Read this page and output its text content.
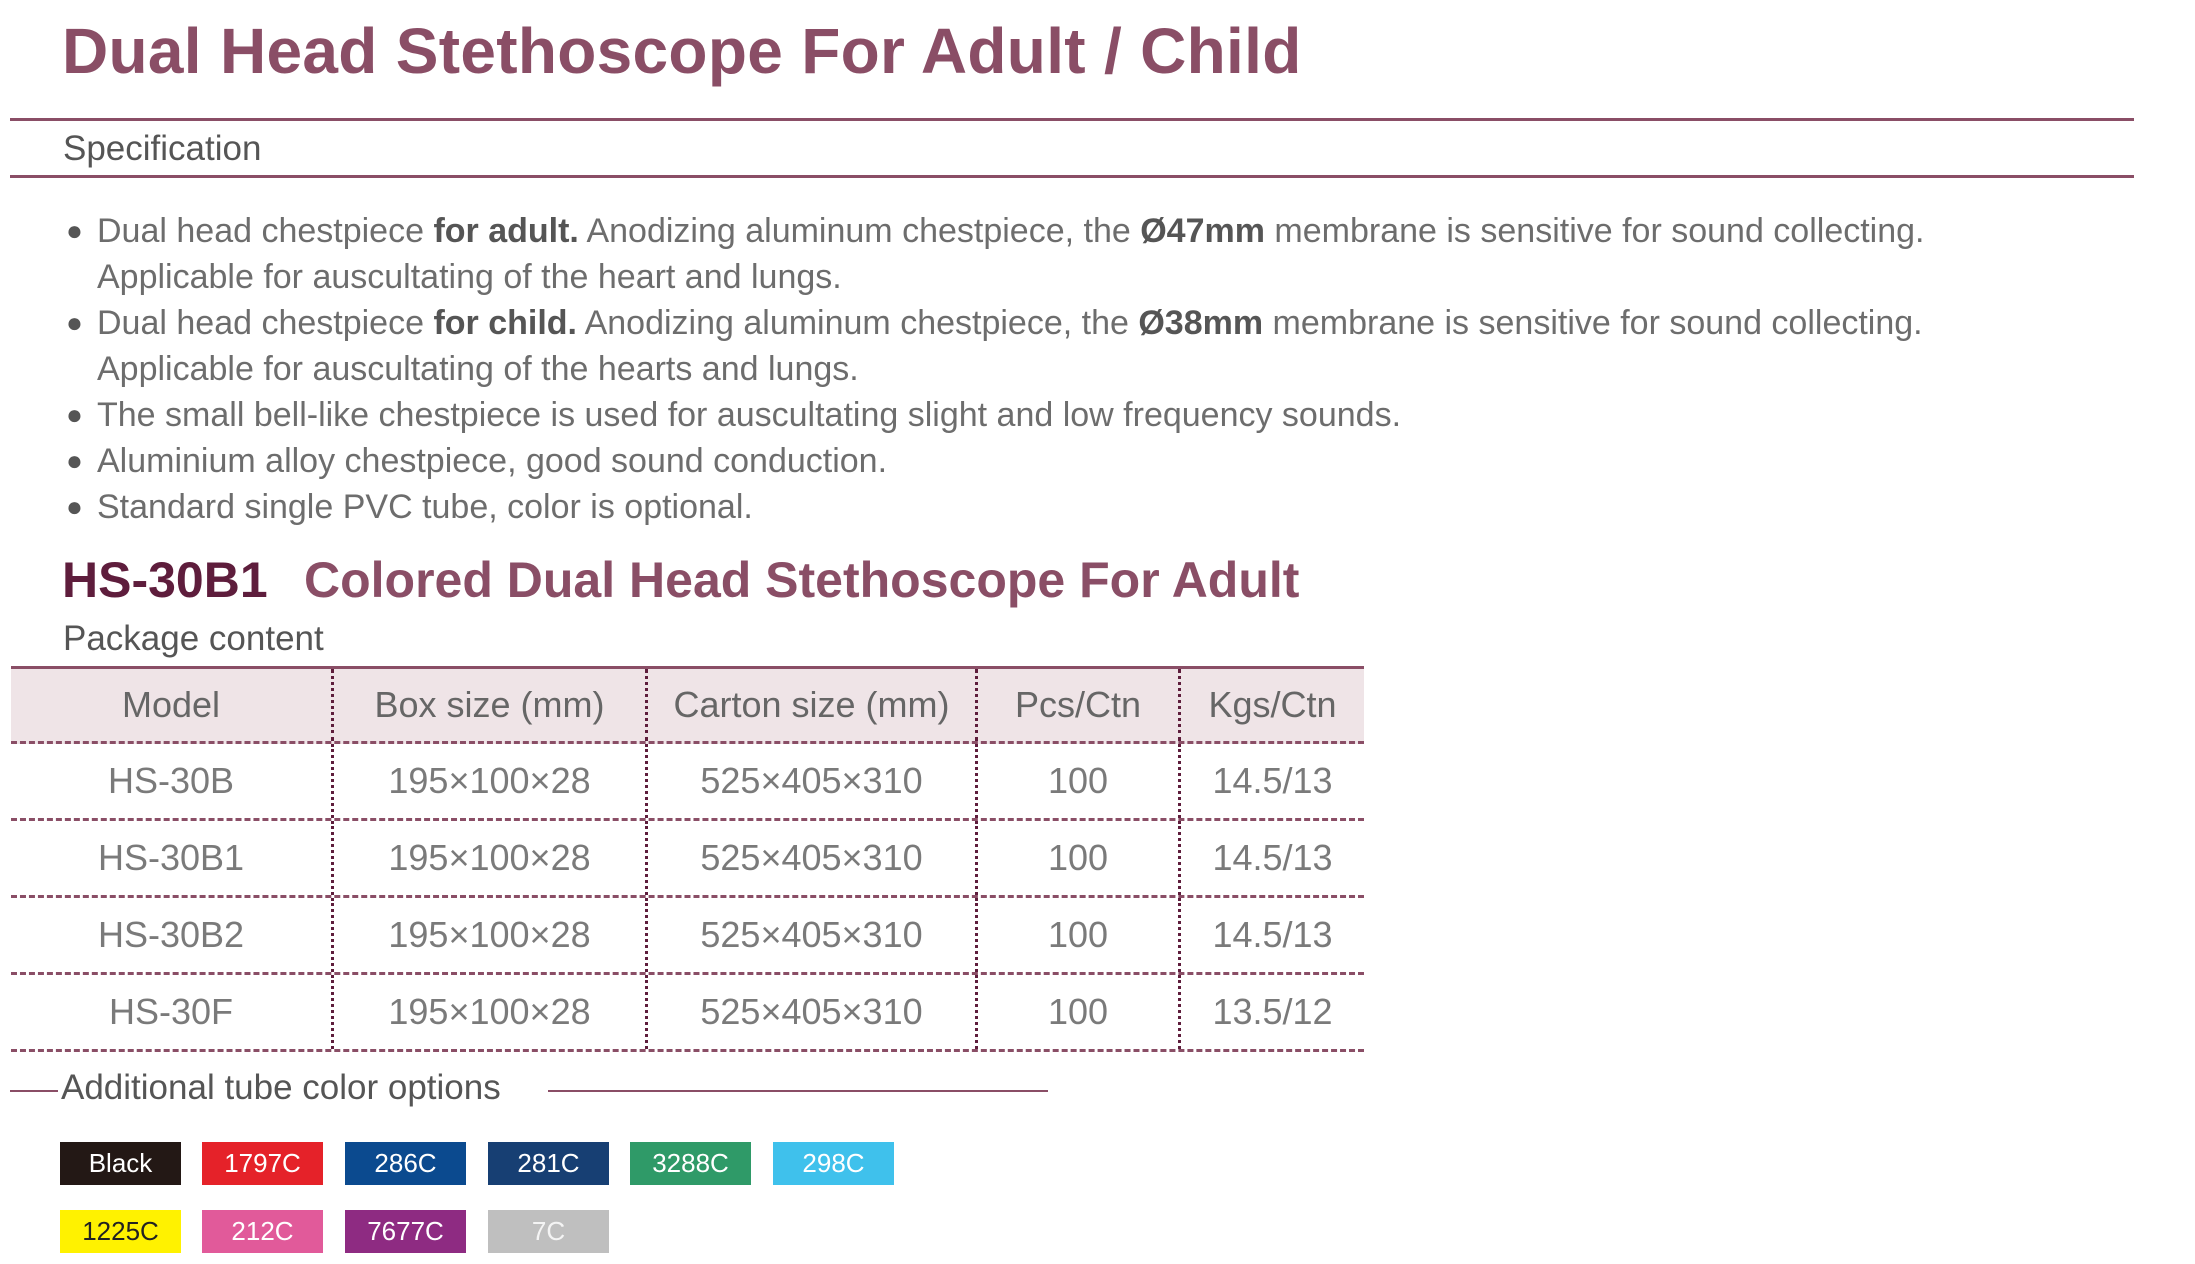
Dual Head Stethoscope For Adult / Child
Specification
● Dual head chestpiece for adult. Anodizing aluminum chestpiece, the Ø47mm membrane is sensitive for sound collecting.
Applicable for auscultating of the heart and lungs.
● Dual head chestpiece for child. Anodizing aluminum chestpiece, the Ø38mm membrane is sensitive for sound collecting.
Applicable for auscultating of the hearts and lungs.
● The small bell-like chestpiece is used for auscultating slight and low frequency sounds.
● Aluminium alloy chestpiece, good sound conduction.
● Standard single PVC tube, color is optional.
HS-30B1 Colored Dual Head Stethoscope For Adult
Package content
Model	Box size (mm)	Carton size (mm)	Pcs/Ctn	Kgs/Ctn
HS-30B	195×100×28	525×405×310	100	14.5/13
HS-30B1	195×100×28	525×405×310	100	14.5/13
HS-30B2	195×100×28	525×405×310	100	14.5/13
HS-30F	195×100×28	525×405×310	100	13.5/12
Additional tube color options
Black	1797C	286C	281C	3288C	298C
1225C	212C	7677C	7C
